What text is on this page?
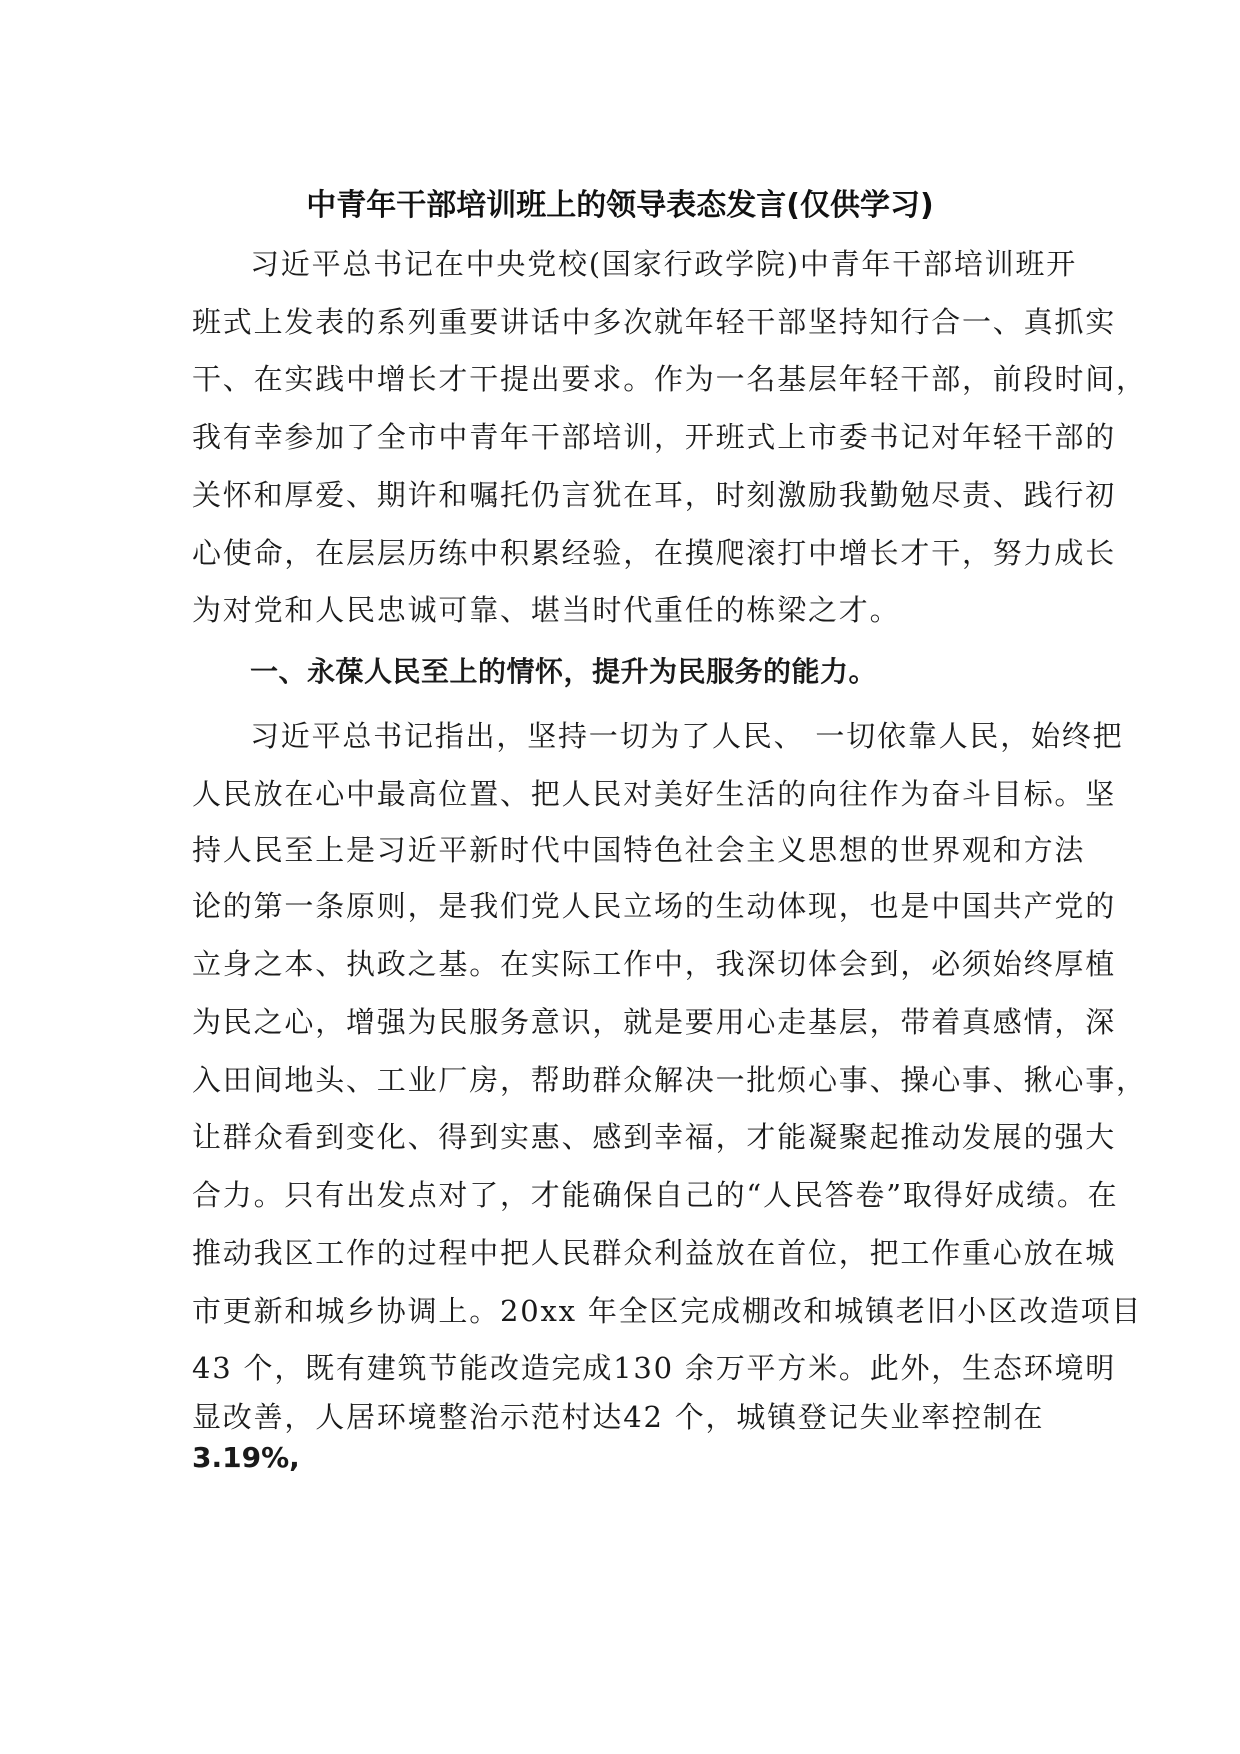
中青年干部培训班上的领导表态发言(仅供学习)

习近平总书记在中央党校(国家行政学院)中青年干部培训班开

班式上发表的系列重要讲话中多次就年轻干部坚持知行合一、真抓实

干、在实践中增长才干提出要求。作为一名基层年轻干部，前段时间，

我有幸参加了全市中青年干部培训，开班式上市委书记对年轻干部的

关怀和厚爱、期许和嘱托仍言犹在耳，时刻激励我勤勉尽责、践行初

心使命，在层层历练中积累经验，在摸爬滚打中增长才干，努力成长

为对党和人民忠诚可靠、堪当时代重任的栋梁之才。

一、永葆人民至上的情怀，提升为民服务的能力。

习近平总书记指出，坚持一切为了人民、 一切依靠人民，始终把

人民放在心中最高位置、把人民对美好生活的向往作为奋斗目标。坚

持人民至上是习近平新时代中国特色社会主义思想的世界观和方法

论的第一条原则，是我们党人民立场的生动体现，也是中国共产党的

立身之本、执政之基。在实际工作中，我深切体会到，必须始终厚植

为民之心，增强为民服务意识，就是要用心走基层，带着真感情，深

入田间地头、工业厂房，帮助群众解决一批烦心事、操心事、揪心事，

让群众看到变化、得到实惠、感到幸福，才能凝聚起推动发展的强大

合力。只有出发点对了，才能确保自己的“人民答卷”取得好成绩。在

推动我区工作的过程中把人民群众利益放在首位，把工作重心放在城

市更新和城乡协调上。20xx 年全区完成棚改和城镇老旧小区改造项目

43 个，既有建筑节能改造完成130 余万平方米。此外，生态环境明

显改善，人居环境整治示范村达42 个，城镇登记失业率控制在

3.19%,
